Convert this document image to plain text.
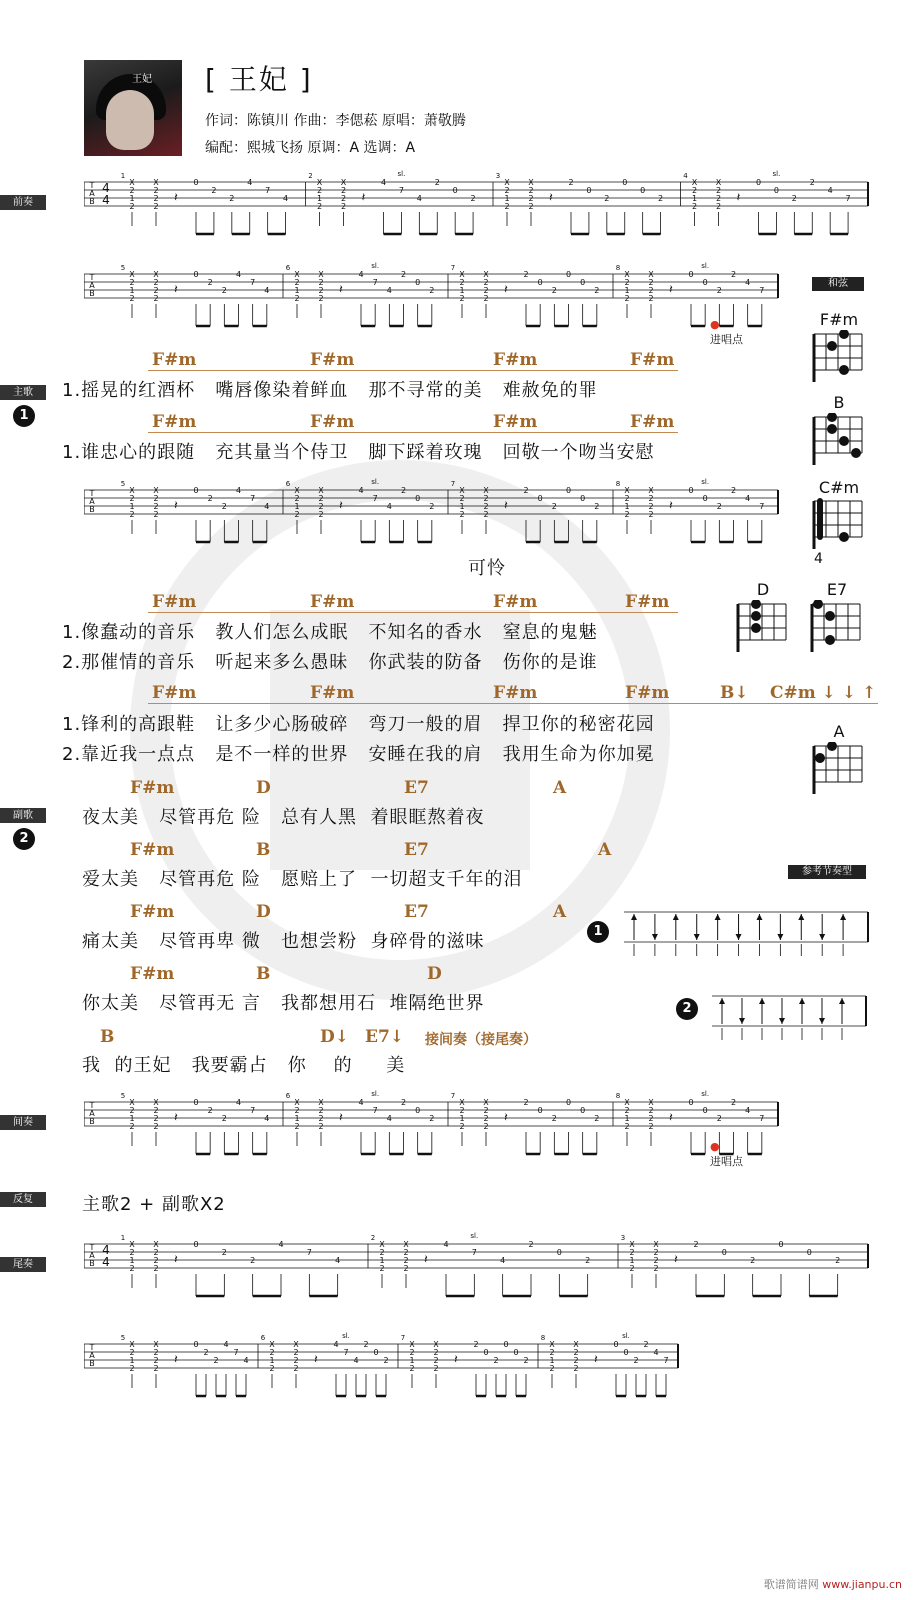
王妃 [ 王妃 ]
作词：陈镇川 作曲：李偲菘 原唱：萧敬腾
编配：熙城飞扬 原调：A 选调：A
前奏
主歌
1
副歌
2
间奏
反复
尾奏
T
A
B
4
4
1
X
2
1
2
X
2
2
2
𝄽
0
2
2
4
7
4
2
X
2
1
2
X
2
2
2
𝄽
4
7
4
2
0
2
sl.	3
X
2
1
2
X
2
2
2
𝄽
2
0
2
0
0
2
4
X
2
1
2
X
2
2
2
𝄽
0
0
2
2
4
7
sl.
T
A
B
5
X
2
1
2
X
2
2
2
𝄽
0
2
2
4
7
4
6
X
2
1
2
X
2
2
2
𝄽
4
7
4
2
0
2
sl.	7
X
2
1
2
X
2
2
2
𝄽
2
0
2
0
0
2
8
X
2
1
2
X
2
2
2
𝄽
0
0
2
2
4
7
sl.
T
A
B
5
X
2
1
2
X
2
2
2
𝄽
0
2
2
4
7
4
6
X
2
1
2
X
2
2
2
𝄽
4
7
4
2
0
2
sl.	7
X
2
1
2
X
2
2
2
𝄽
2
0
2
0
0
2
8
X
2
1
2
X
2
2
2
𝄽
0
0
2
2
4
7
sl.
T
A
B
5
X
2
1
2
X
2
2
2
𝄽
0
2
2
4
7
4
6
X
2
1
2
X
2
2
2
𝄽
4
7
4
2
0
2
sl.	7
X
2
1
2
X
2
2
2
𝄽
2
0
2
0
0
2
8
X
2
1
2
X
2
2
2
𝄽
0
0
2
2
4
7
sl.
T
A
B
4
4
1
X
2
1
2
X
2
2
2
𝄽
0
2
2
4
7
4
2
X
2
1
2
X
2
2
2
𝄽
4
7
4
2
0
2
sl.	3
X
2
1
2
X
2
2
2
𝄽
2
0
2
0
0
2
T
A
B
5
X
2
1
2
X
2
2
2
𝄽
0
2
2
4
7
4
6
X
2
1
2
X
2
2
2
𝄽
4
7
4
2
0
2
sl.	7
X
2
1
2
X
2
2
2
𝄽
2
0
2
0
0
2
8
X
2
1
2
X
2
2
2
𝄽
0
0
2
2
4
7
sl.
●
进唱点
●
进唱点
和弦
F#m
B
C#m
4
D	E7
A
F#m	F#m	F#m	F#m
1.摇晃的红酒杯   嘴唇像染着鲜血   那不寻常的美   难赦免的罪
F#m	F#m	F#m	F#m
1.谁忠心的跟随   充其量当个侍卫   脚下踩着玫瑰   回敬一个吻当安慰
可怜
F#m	F#m	F#m	F#m
1.像蠢动的音乐   教人们怎么成眠   不知名的香水   窒息的鬼魅
2.那催情的音乐   听起来多么愚昧   你武装的防备   伤你的是谁
F#m	F#m	F#m	F#m	B↓ C#m ↓ ↓ ↑
1.锋利的高跟鞋   让多少心肠破碎   弯刀一般的眉   捍卫你的秘密花园
2.靠近我一点点   是不一样的世界   安睡在我的肩   我用生命为你加冕
F#m	D	E7	A
夜太美   尽管再危 险   总有人黑  着眼眶熬着夜
F#m	B	E7	A
爱太美   尽管再危 险   愿赔上了  一切超支千年的泪
F#m	D	E7	A
痛太美   尽管再卑 微   也想尝粉  身碎骨的滋味
F#m	B	D
你太美   尽管再无 言   我都想用石  堆隔绝世界
B	D↓ E7↓ 接间奏（接尾奏）
我  的王妃   我要霸占   你    的     美
参考节奏型
1
2
主歌2 + 副歌X2
歌谱简谱网 www.jianpu.cn
